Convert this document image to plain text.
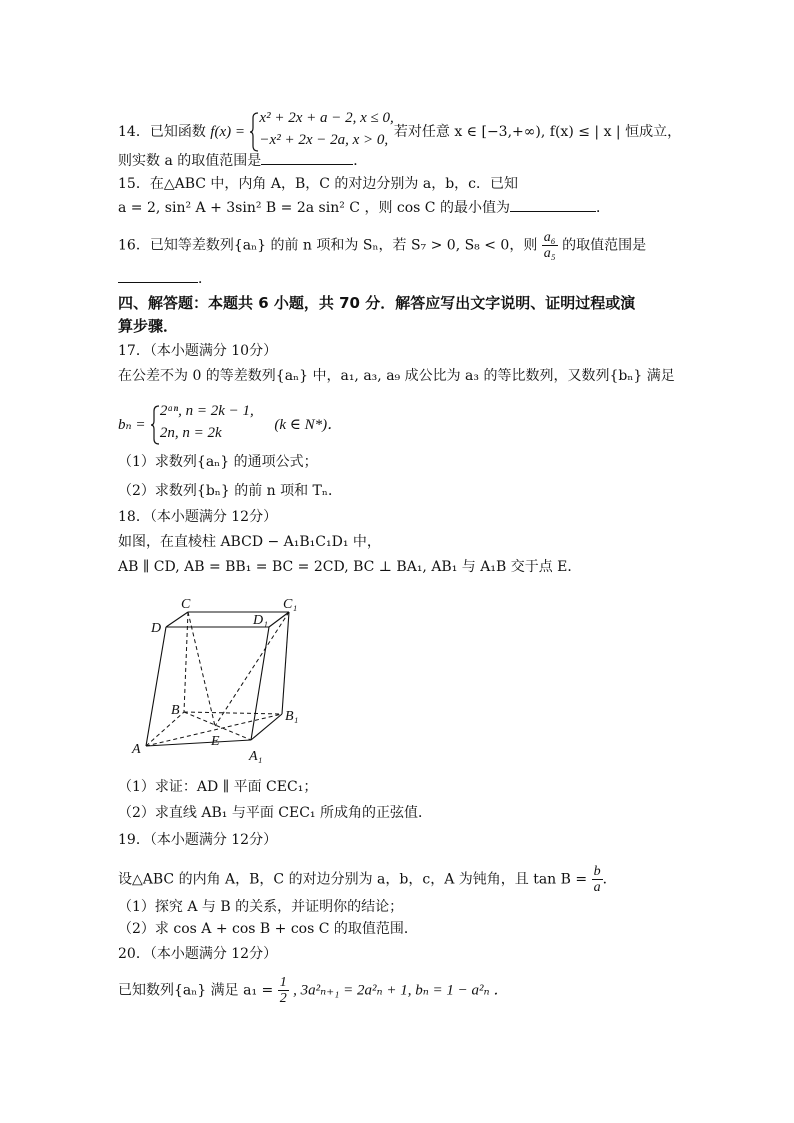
14．已知函数 f(x) =
x² + 2x + a − 2, x ≤ 0,
−x² + 2x − 2a, x > 0, 若对任意 x ∈ [−3,+∞), f(x) ≤ | x | 恒成立，
则实数 a 的取值范围是	．
15．在△ABC 中，内角 A，B，C 的对边分别为 a，b，c．已知
a = 2, sin² A + 3sin² B = 2a sin² C ，则 cos C 的最小值为	．
16．已知等差数列{aₙ} 的前 n 项和为 Sₙ，若 S₇ > 0, S₈ < 0，则 $\frac{\text{a₆}}{\text{a₅}}$ 的取值范围是
．
四、解答题：本题共 6 小题，共 70 分．解答应写出文字说明、证明过程或演
算步骤．
17．（本小题满分 10分）
在公差不为 0 的等差数列{aₙ} 中，a₁, a₃, a₉ 成公比为 a₃ 的等比数列，又数列{bₙ} 满足
bₙ =
2ᵃⁿ, n = 2k − 1,
2n, n = 2k	(k ∈ N*)．
（1）求数列{aₙ} 的通项公式；
（2）求数列{bₙ} 的前 n 项和 Tₙ．
18．（本小题满分 12分）
如图，在直棱柱 ABCD − A₁B₁C₁D₁ 中，
AB ∥ CD, AB = BB₁ = BC = 2CD, BC ⊥ BA₁, AB₁ 与 A₁B 交于点 E．
C	C₁
D
D₁
B	B₁
E
A	A₁
（1）求证：AD ∥ 平面 CEC₁；
（2）求直线 AB₁ 与平面 CEC₁ 所成角的正弦值．
19．（本小题满分 12分）
设△ABC 的内角 A，B，C 的对边分别为 a，b，c，A 为钝角，且 $\tan B = \frac{b}{a}$ ．
（1）探究 A 与 B 的关系，并证明你的结论；
（2）求 cos A + cos B + cos C 的取值范围．
20．（本小题满分 12分）
已知数列{aₙ} 满足 $a_1 = \frac{1}{2}$ , 3a²ₙ₊₁ = 2a²ₙ + 1, bₙ = 1 − a²ₙ ．
